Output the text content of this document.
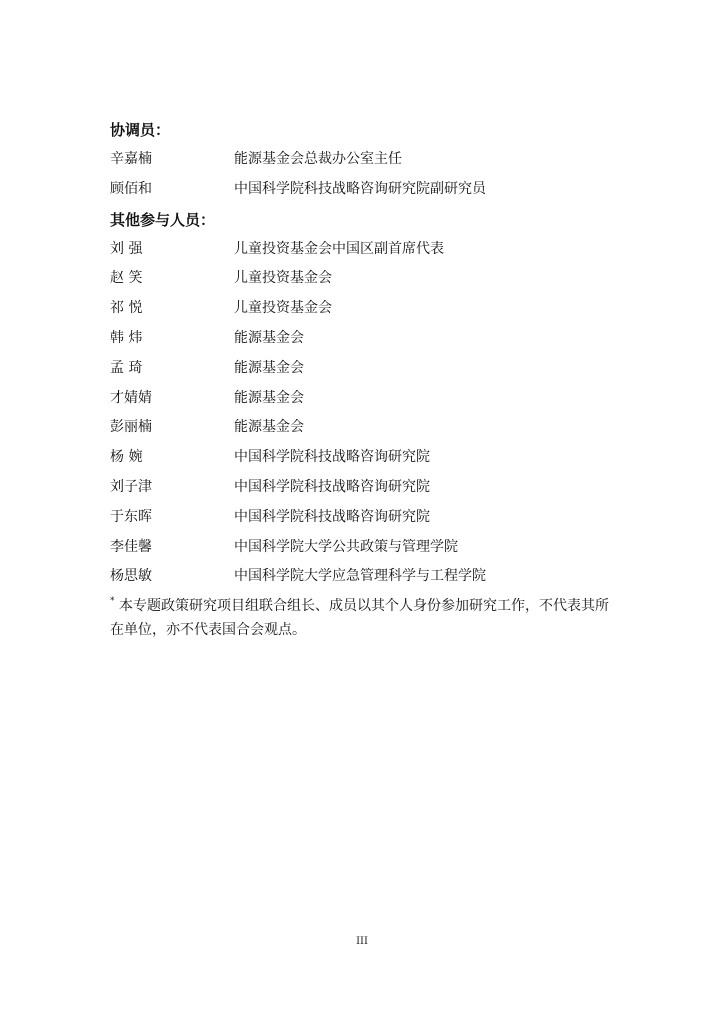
协调员：
辛嘉楠	能源基金会总裁办公室主任
顾佰和	中国科学院科技战略咨询研究院副研究员
其他参与人员：
刘 强	儿童投资基金会中国区副首席代表
赵 笑	儿童投资基金会
祁 悦	儿童投资基金会
韩 炜	能源基金会
孟 琦	能源基金会
才婧婧	能源基金会
彭丽楠	能源基金会
杨 婉	中国科学院科技战略咨询研究院
刘子津	中国科学院科技战略咨询研究院
于东晖	中国科学院科技战略咨询研究院
李佳馨	中国科学院大学公共政策与管理学院
杨思敏	中国科学院大学应急管理科学与工程学院
* 本专题政策研究项目组联合组长、成员以其个人身份参加研究工作，不代表其所在单位，亦不代表国合会观点。
III
